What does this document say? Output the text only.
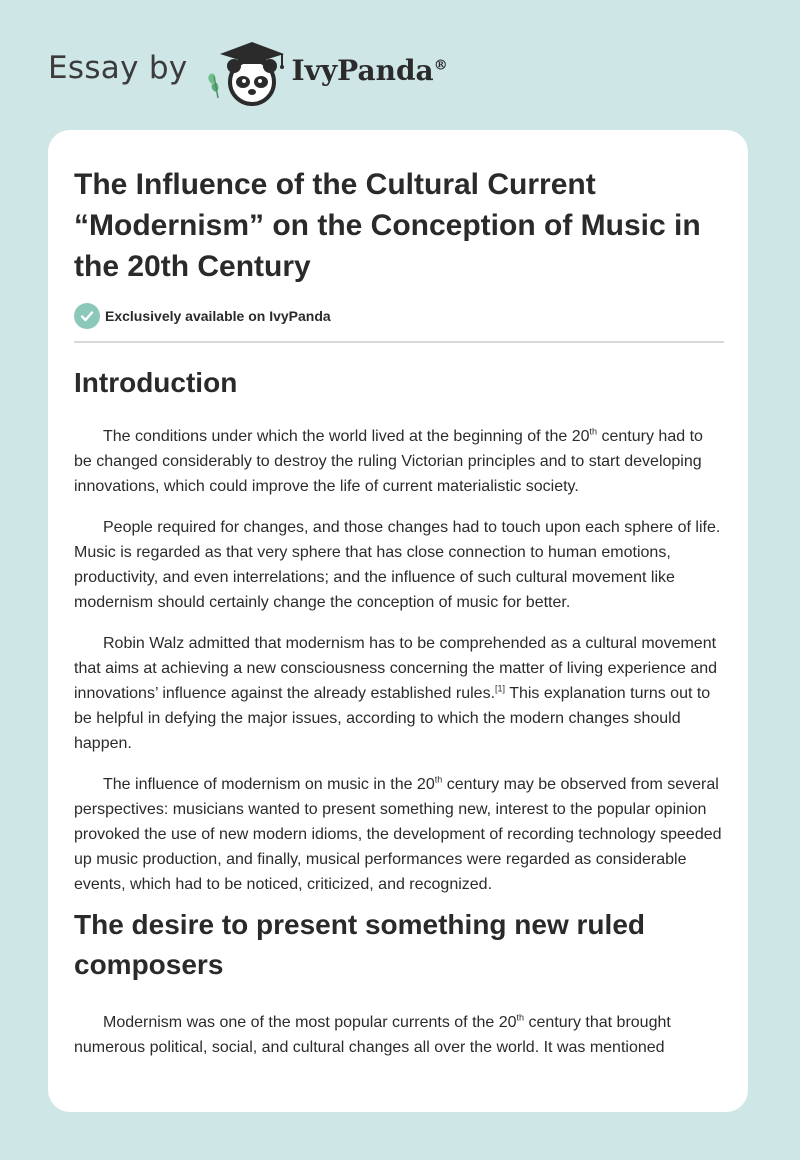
Essay by	IvyPanda®
The Influence of the Cultural Current “Modernism” on the Conception of Music in the 20th Century
Exclusively available on IvyPanda
Introduction

The conditions under which the world lived at the beginning of the 20th century had to be changed considerably to destroy the ruling Victorian principles and to start developing innovations, which could improve the life of current materialistic society.

People required for changes, and those changes had to touch upon each sphere of life. Music is regarded as that very sphere that has close connection to human emotions, productivity, and even interrelations; and the influence of such cultural movement like modernism should certainly change the conception of music for better.

Robin Walz admitted that modernism has to be comprehended as a cultural movement that aims at achieving a new consciousness concerning the matter of living experience and innovations’ influence against the already established rules.[1] This explanation turns out to be helpful in defying the major issues, according to which the modern changes should happen.

The influence of modernism on music in the 20th century may be observed from several perspectives: musicians wanted to present something new, interest to the popular opinion provoked the use of new modern idioms, the development of recording technology speeded up music production, and finally, musical performances were regarded as considerable events, which had to be noticed, criticized, and recognized.

The desire to present something new ruled composers

Modernism was one of the most popular currents of the 20th century that brought numerous political, social, and cultural changes all over the world. It was mentioned
